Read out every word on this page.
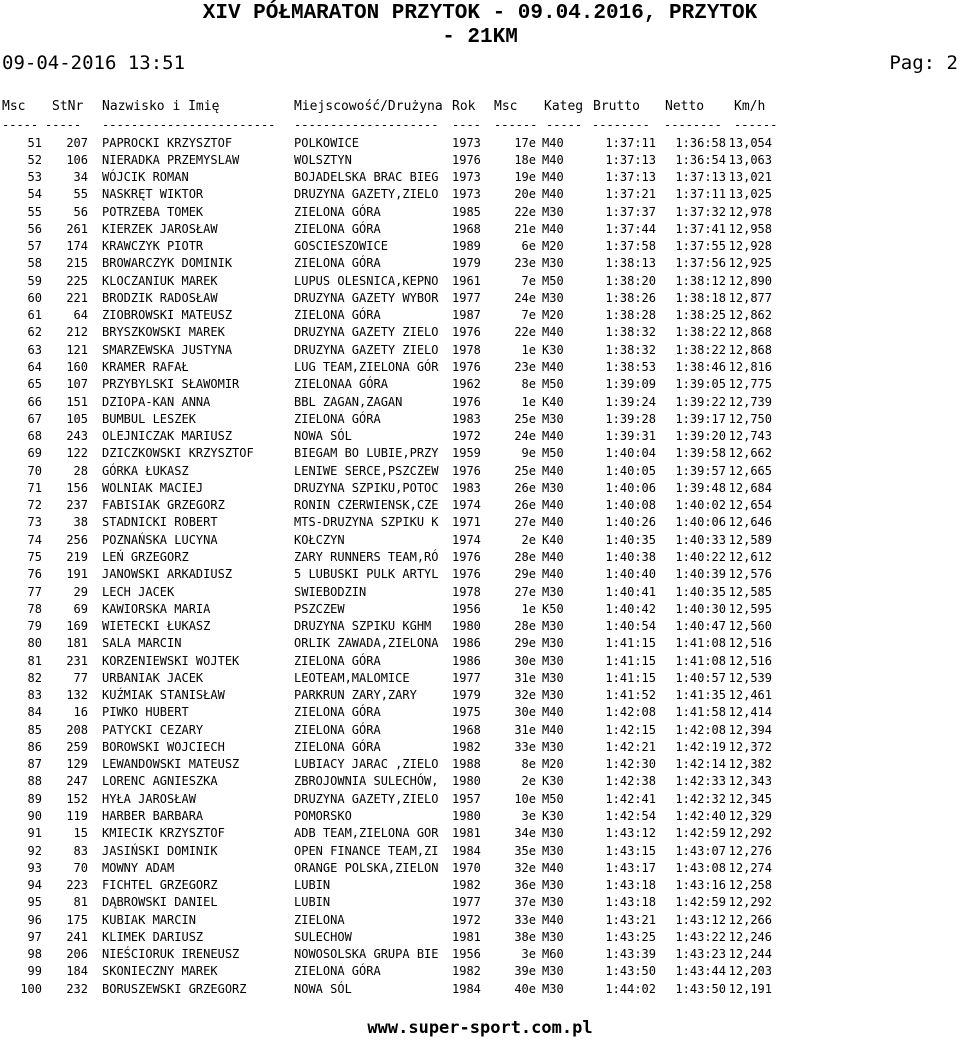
XIV PÓŁMARATON PRZYTOK - 09.04.2016, PRZYTOK
- 21KM
09-04-2016 13:51	Pag: 2
Msc StNr Nazwisko i Imię	Miejscowość/Drużyna Rok Msc Kateg Brutto Netto Km/h
----- ----- ------------------------ -------------------- ---- ------ ----- -------- -------- ------
51	207 PAPROCKI KRZYSZTOF	POLKOWICE	1973	17e M40	1:37:11	1:36:58 13,054
52	106 NIERADKA PRZEMYSLAW	WOLSZTYN	1976	18e M40	1:37:13	1:36:54 13,063
53	34 WÓJCIK ROMAN	BOJADELSKA BRAC BIEG 1973	19e M40	1:37:13	1:37:13 13,021
54	55 NASKRĘT WIKTOR	DRUZYNA GAZETY,ZIELO 1973	20e M40	1:37:21	1:37:11 13,025
55	56 POTRZEBA TOMEK	ZIELONA GÓRA	1985	22e M30	1:37:37	1:37:32 12,978
56	261 KIERZEK JAROSŁAW	ZIELONA GÓRA	1968	21e M40	1:37:44	1:37:41 12,958
57	174 KRAWCZYK PIOTR	GOSCIESZOWICE	1989	6e M20	1:37:58	1:37:55 12,928
58	215 BROWARCZYK DOMINIK	ZIELONA GÓRA	1979	23e M30	1:38:13	1:37:56 12,925
59	225 KLOCZANIUK MAREK	LUPUS OLESNICA,KEPNO 1961	7e M50	1:38:20	1:38:12 12,890
60	221 BRODZIK RADOSŁAW	DRUZYNA GAZETY WYBOR 1977	24e M30	1:38:26	1:38:18 12,877
61	64 ZIOBROWSKI MATEUSZ	ZIELONA GÓRA	1987	7e M20	1:38:28	1:38:25 12,862
62	212 BRYSZKOWSKI MAREK	DRUZYNA GAZETY ZIELO 1976	22e M40	1:38:32	1:38:22 12,868
63	121 SMARZEWSKA JUSTYNA	DRUZYNA GAZETY ZIELO 1978	1e K30	1:38:32	1:38:22 12,868
64	160 KRAMER RAFAŁ	LUG TEAM,ZIELONA GÓR 1976	23e M40	1:38:53	1:38:46 12,816
65	107 PRZYBYLSKI SŁAWOMIR	ZIELONAA GÓRA	1962	8e M50	1:39:09	1:39:05 12,775
66	151 DZIOPA-KAN ANNA	BBL ZAGAN,ZAGAN	1976	1e K40	1:39:24	1:39:22 12,739
67	105 BUMBUL LESZEK	ZIELONA GÓRA	1983	25e M30	1:39:28	1:39:17 12,750
68	243 OLEJNICZAK MARIUSZ	NOWA SÓL	1972	24e M40	1:39:31	1:39:20 12,743
69	122 DZICZKOWSKI KRZYSZTOF	BIEGAM BO LUBIE,PRZY 1959	9e M50	1:40:04	1:39:58 12,662
70	28 GÓRKA ŁUKASZ	LENIWE SERCE,PSZCZEW 1976	25e M40	1:40:05	1:39:57 12,665
71	156 WOLNIAK MACIEJ	DRUZYNA SZPIKU,POTOC 1983	26e M30	1:40:06	1:39:48 12,684
72	237 FABISIAK GRZEGORZ	RONIN CZERWIENSK,CZE 1974	26e M40	1:40:08	1:40:02 12,654
73	38 STADNICKI ROBERT	MTS-DRUZYNA SZPIKU K 1971	27e M40	1:40:26	1:40:06 12,646
74	256 POZNAŃSKA LUCYNA	KOŁCZYN	1974	2e K40	1:40:35	1:40:33 12,589
75	219 LEŃ GRZEGORZ	ZARY RUNNERS TEAM,RÓ 1976	28e M40	1:40:38	1:40:22 12,612
76	191 JANOWSKI ARKADIUSZ	5 LUBUSKI PULK ARTYL 1976	29e M40	1:40:40	1:40:39 12,576
77	29 LECH JACEK	SWIEBODZIN	1978	27e M30	1:40:41	1:40:35 12,585
78	69 KAWIORSKA MARIA	PSZCZEW	1956	1e K50	1:40:42	1:40:30 12,595
79	169 WIETECKI ŁUKASZ	DRUZYNA SZPIKU KGHM 1980	28e M30	1:40:54	1:40:47 12,560
80	181 SALA MARCIN	ORLIK ZAWADA,ZIELONA 1986	29e M30	1:41:15	1:41:08 12,516
81	231 KORZENIEWSKI WOJTEK	ZIELONA GÓRA	1986	30e M30	1:41:15	1:41:08 12,516
82	77 URBANIAK JACEK	LEOTEAM,MALOMICE	1977	31e M30	1:41:15	1:40:57 12,539
83	132 KUŹMIAK STANISŁAW	PARKRUN ZARY,ZARY	1979	32e M30	1:41:52	1:41:35 12,461
84	16 PIWKO HUBERT	ZIELONA GÓRA	1975	30e M40	1:42:08	1:41:58 12,414
85	208 PATYCKI CEZARY	ZIELONA GÓRA	1968	31e M40	1:42:15	1:42:08 12,394
86	259 BOROWSKI WOJCIECH	ZIELONA GÓRA	1982	33e M30	1:42:21	1:42:19 12,372
87	129 LEWANDOWSKI MATEUSZ	LUBIACY JARAC ,ZIELO 1988	8e M20	1:42:30	1:42:14 12,382
88	247 LORENC AGNIESZKA	ZBROJOWNIA SULECHÓW, 1980	2e K30	1:42:38	1:42:33 12,343
89	152 HYŁA JAROSŁAW	DRUZYNA GAZETY,ZIELO 1957	10e M50	1:42:41	1:42:32 12,345
90	119 HARBER BARBARA	POMORSKO	1980	3e K30	1:42:54	1:42:40 12,329
91	15 KMIECIK KRZYSZTOF	ADB TEAM,ZIELONA GOR 1981	34e M30	1:43:12	1:42:59 12,292
92	83 JASIŃSKI DOMINIK	OPEN FINANCE TEAM,ZI 1984	35e M30	1:43:15	1:43:07 12,276
93	70 MOWNY ADAM	ORANGE POLSKA,ZIELON 1970	32e M40	1:43:17	1:43:08 12,274
94	223 FICHTEL GRZEGORZ	LUBIN	1982	36e M30	1:43:18	1:43:16 12,258
95	81 DĄBROWSKI DANIEL	LUBIN	1977	37e M30	1:43:18	1:42:59 12,292
96	175 KUBIAK MARCIN	ZIELONA	1972	33e M40	1:43:21	1:43:12 12,266
97	241 KLIMEK DARIUSZ	SULECHOW	1981	38e M30	1:43:25	1:43:22 12,246
98	206 NIEŚCIORUK IRENEUSZ	NOWOSOLSKA GRUPA BIE 1956	3e M60	1:43:39	1:43:23 12,244
99	184 SKONIECZNY MAREK	ZIELONA GÓRA	1982	39e M30	1:43:50	1:43:44 12,203
100	232 BORUSZEWSKI GRZEGORZ	NOWA SÓL	1984	40e M30	1:44:02	1:43:50 12,191
www.super-sport.com.pl
